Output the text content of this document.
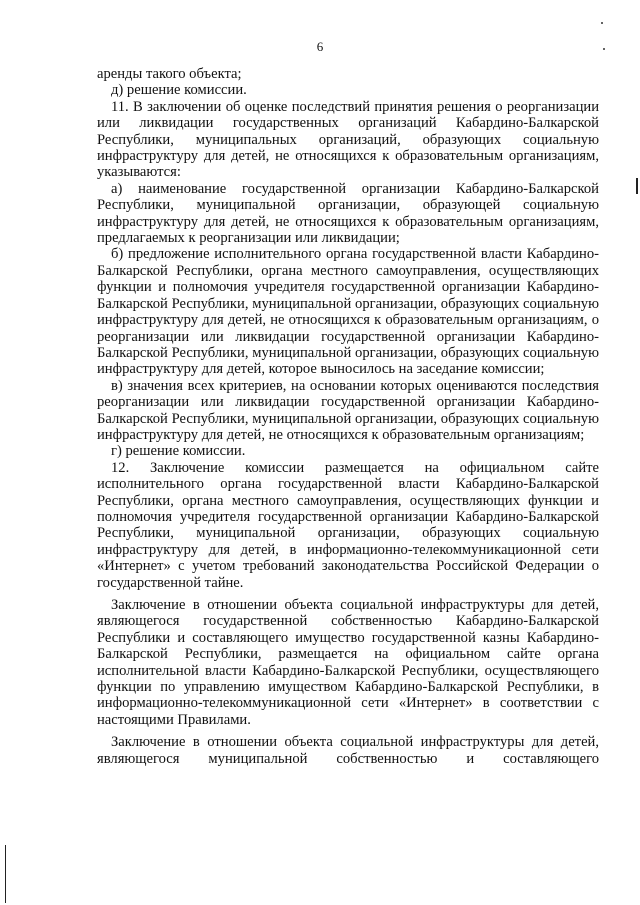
6

аренды такого объекта;

д) решение комиссии.

11. В заключении об оценке последствий принятия решения о реорганизации или ликвидации государственных организаций Кабардино-Балкарской Республики, муниципальных организаций, образующих социальную инфраструктуру для детей, не относящихся к образовательным организациям, указываются:

а) наименование государственной организации Кабардино-Балкарской Республики, муниципальной организации, образующей социальную инфраструктуру для детей, не относящихся к образовательным организациям, предлагаемых к реорганизации или ликвидации;

б) предложение исполнительного органа государственной власти Кабардино-Балкарской Республики, органа местного самоуправления, осуществляющих функции и полномочия учредителя государственной организации Кабардино-Балкарской Республики, муниципальной организации, образующих социальную инфраструктуру для детей, не относящихся к образовательным организациям, о реорганизации или ликвидации государственной организации Кабардино-Балкарской Республики, муниципальной организации, образующих социальную инфраструктуру для детей, которое выносилось на заседание комиссии;

в) значения всех критериев, на основании которых оцениваются последствия реорганизации или ликвидации государственной организации Кабардино-Балкарской Республики, муниципальной организации, образующих социальную инфраструктуру для детей, не относящихся к образовательным организациям;

г) решение комиссии.

12. Заключение комиссии размещается на официальном сайте исполнительного органа государственной власти Кабардино-Балкарской Республики, органа местного самоуправления, осуществляющих функции и полномочия учредителя государственной организации Кабардино-Балкарской Республики, муниципальной организации, образующих социальную инфраструктуру для детей, в информационно-телекоммуникационной сети «Интернет» с учетом требований законодательства Российской Федерации о государственной тайне.

Заключение в отношении объекта социальной инфраструктуры для детей, являющегося государственной собственностью Кабардино-Балкарской Республики и составляющего имущество государственной казны Кабардино-Балкарской Республики, размещается на официальном сайте органа исполнительной власти Кабардино-Балкарской Республики, осуществляющего функции по управлению имуществом Кабардино-Балкарской Республики, в информационно-телекоммуникационной сети «Интернет» в соответствии с настоящими Правилами.

Заключение в отношении объекта социальной инфраструктуры для детей, являющегося муниципальной собственностью и составляющего
